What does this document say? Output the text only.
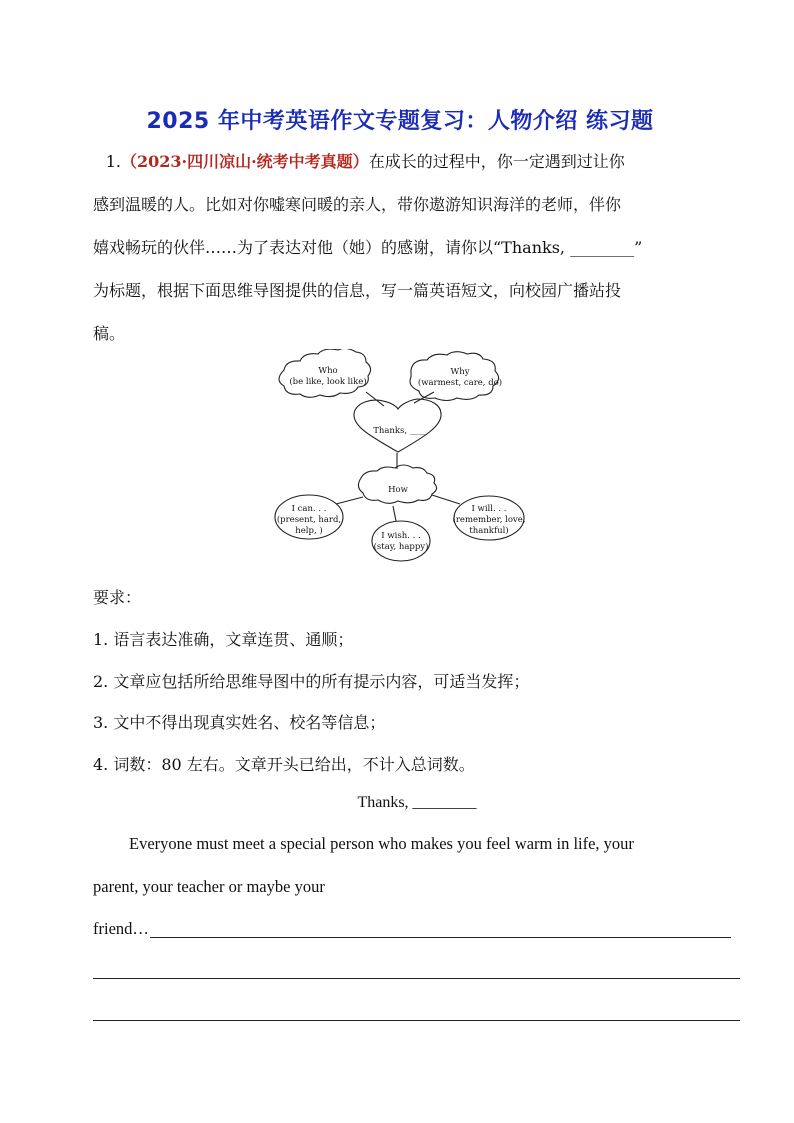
2025 年中考英语作文专题复习：人物介绍 练习题

1.（2023·四川凉山·统考中考真题）在成长的过程中，你一定遇到过让你

感到温暖的人。比如对你嘘寒问暖的亲人，带你遨游知识海洋的老师，伴你

嬉戏畅玩的伙伴……为了表达对他（她）的感谢，请你以“Thanks, ________”

为标题，根据下面思维导图提供的信息，写一篇英语短文，向校园广播站投

稿。

Who
(be like, look like)
Why
(warmest, care, do)
Thanks, ____
How
I can. . .
(present, hard,
help, )	I wish. . .
(stay, happy)
I will. . .
(remember, love,
thankful)
要求：
1. 语言表达准确，文章连贯、通顺；
2. 文章应包括所给思维导图中的所有提示内容，可适当发挥；
3. 文中不得出现真实姓名、校名等信息；
4. 词数：80 左右。文章开头已给出，不计入总词数。
Thanks, ________
Everyone must meet a special person who makes you feel warm in life, your
parent, your teacher or maybe your
friend…
